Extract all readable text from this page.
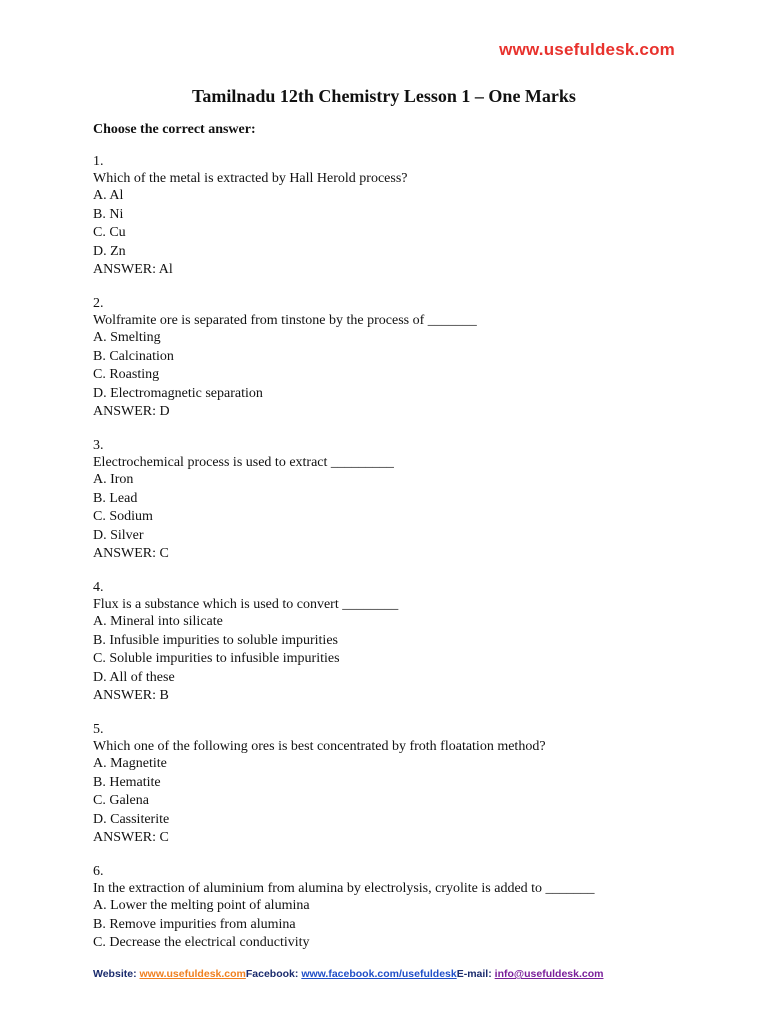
www.usefuldesk.com
Tamilnadu 12th Chemistry Lesson 1 – One Marks
Choose the correct answer:
1.
Which of the metal is extracted by Hall Herold process?
A. Al
B. Ni
C. Cu
D. Zn
ANSWER: Al
2.
Wolframite ore is separated from tinstone by the process of _______
A. Smelting
B. Calcination
C. Roasting
D. Electromagnetic separation
ANSWER: D
3.
Electrochemical process is used to extract _________
A. Iron
B. Lead
C. Sodium
D. Silver
ANSWER: C
4.
Flux is a substance which is used to convert ________
A. Mineral into silicate
B. Infusible impurities to soluble impurities
C. Soluble impurities to infusible impurities
D. All of these
ANSWER: B
5.
Which one of the following ores is best concentrated by froth floatation method?
A. Magnetite
B. Hematite
C. Galena
D. Cassiterite
ANSWER: C
6.
In the extraction of aluminium from alumina by electrolysis, cryolite is added to _______
A. Lower the melting point of alumina
B. Remove impurities from alumina
C. Decrease the electrical conductivity
Website: www.usefuldesk.comFacebook: www.facebook.com/usefuldeskE-mail: info@usefuldesk.com
